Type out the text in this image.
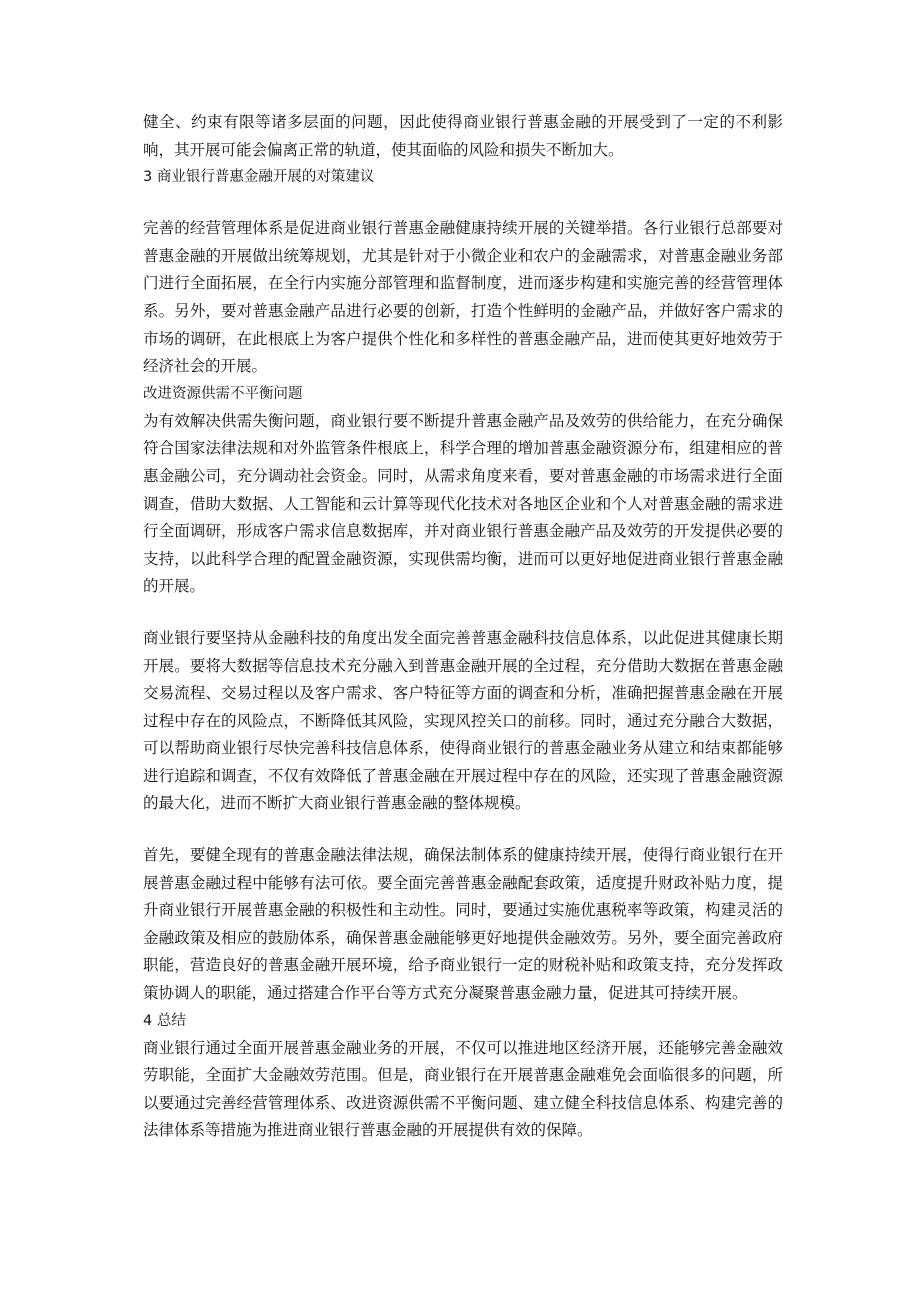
健全、约束有限等诸多层面的问题，因此使得商业银行普惠金融的开展受到了一定的不利影响，其开展可能会偏离正常的轨道，使其面临的风险和损失不断加大。

3 商业银行普惠金融开展的对策建议

完善的经营管理体系是促进商业银行普惠金融健康持续开展的关键举措。各行业银行总部要对普惠金融的开展做出统筹规划，尤其是针对于小微企业和农户的金融需求，对普惠金融业务部门进行全面拓展，在全行内实施分部管理和监督制度，进而逐步构建和实施完善的经营管理体系。另外，要对普惠金融产品进行必要的创新，打造个性鲜明的金融产品，并做好客户需求的市场的调研，在此根底上为客户提供个性化和多样性的普惠金融产品，进而使其更好地效劳于经济社会的开展。

改进资源供需不平衡问题

为有效解决供需失衡问题，商业银行要不断提升普惠金融产品及效劳的供给能力，在充分确保符合国家法律法规和对外监管条件根底上，科学合理的增加普惠金融资源分布，组建相应的普惠金融公司，充分调动社会资金。同时，从需求角度来看，要对普惠金融的市场需求进行全面调查，借助大数据、人工智能和云计算等现代化技术对各地区企业和个人对普惠金融的需求进行全面调研，形成客户需求信息数据库，并对商业银行普惠金融产品及效劳的开发提供必要的支持，以此科学合理的配置金融资源，实现供需均衡，进而可以更好地促进商业银行普惠金融的开展。

商业银行要坚持从金融科技的角度出发全面完善普惠金融科技信息体系，以此促进其健康长期开展。要将大数据等信息技术充分融入到普惠金融开展的全过程，充分借助大数据在普惠金融交易流程、交易过程以及客户需求、客户特征等方面的调查和分析，准确把握普惠金融在开展过程中存在的风险点，不断降低其风险，实现风控关口的前移。同时，通过充分融合大数据，可以帮助商业银行尽快完善科技信息体系，使得商业银行的普惠金融业务从建立和结束都能够进行追踪和调查，不仅有效降低了普惠金融在开展过程中存在的风险，还实现了普惠金融资源的最大化，进而不断扩大商业银行普惠金融的整体规模。

首先，要健全现有的普惠金融法律法规，确保法制体系的健康持续开展，使得行商业银行在开展普惠金融过程中能够有法可依。要全面完善普惠金融配套政策，适度提升财政补贴力度，提升商业银行开展普惠金融的积极性和主动性。同时，要通过实施优惠税率等政策，构建灵活的金融政策及相应的鼓励体系，确保普惠金融能够更好地提供金融效劳。另外，要全面完善政府职能，营造良好的普惠金融开展环境，给予商业银行一定的财税补贴和政策支持，充分发挥政策协调人的职能，通过搭建合作平台等方式充分凝聚普惠金融力量，促进其可持续开展。

4 总结

商业银行通过全面开展普惠金融业务的开展，不仅可以推进地区经济开展，还能够完善金融效劳职能，全面扩大金融效劳范围。但是，商业银行在开展普惠金融难免会面临很多的问题，所以要通过完善经营管理体系、改进资源供需不平衡问题、建立健全科技信息体系、构建完善的法律体系等措施为推进商业银行普惠金融的开展提供有效的保障。
